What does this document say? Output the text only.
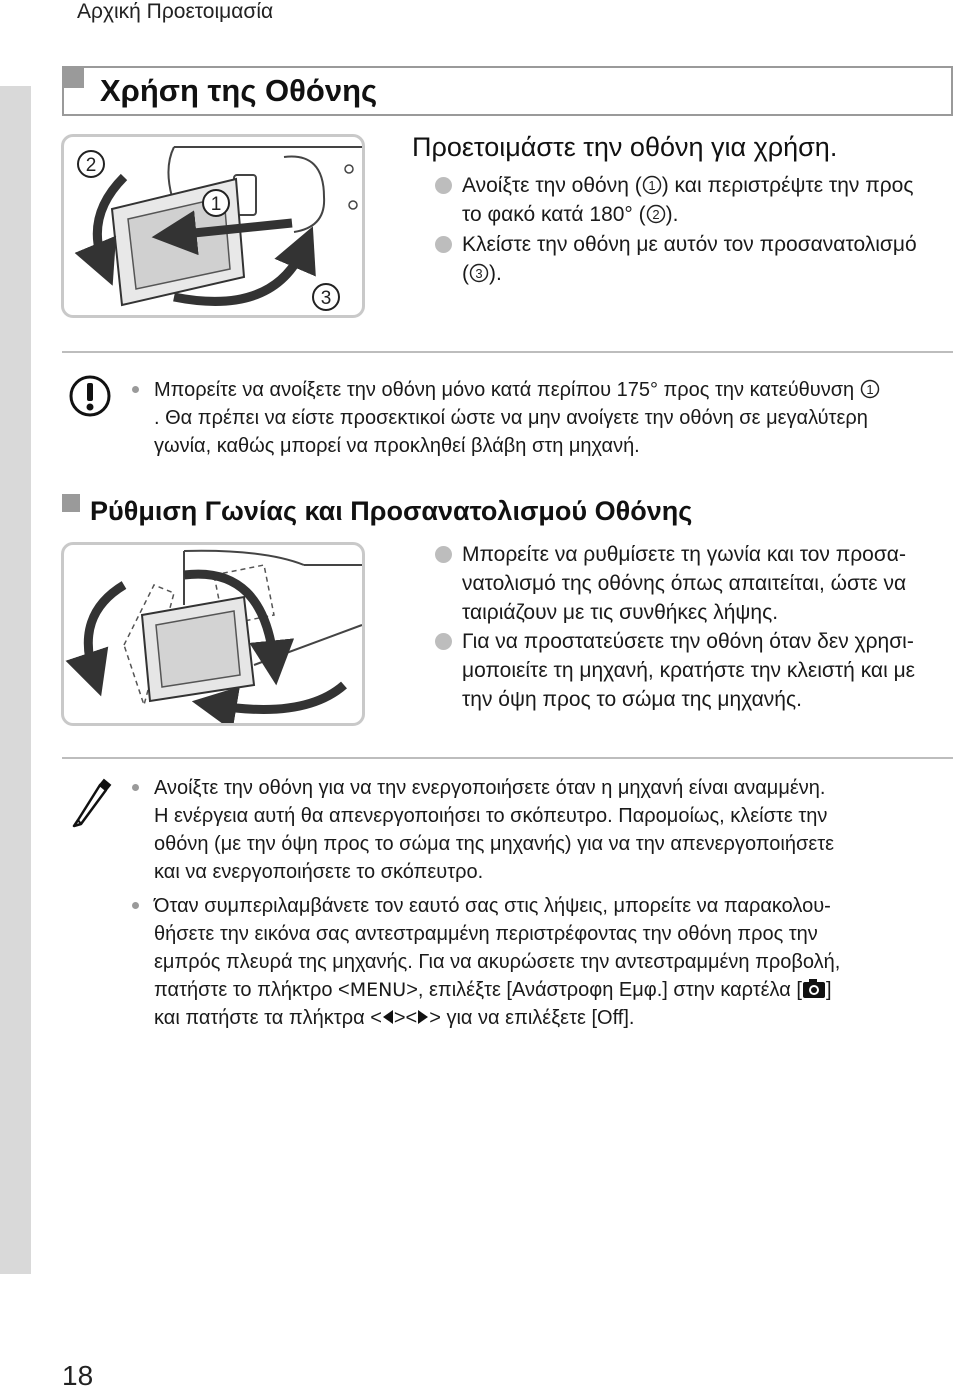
Αρχική Προετοιμασία
Χρήση της Οθόνης
2
1
3
Προετοιμάστε την οθόνη για χρήση.
Ανοίξτε την οθόνη ( 1 ) και περιστρέψτε την προς
το φακό κατά 180° ( 2 ).
Κλείστε την οθόνη με αυτόν τον προσανατολισμό
( 3 ).
Μπορείτε να ανοίξετε την οθόνη μόνο κατά περίπου 175° προς την κατεύθυνση 1
. Θα πρέπει να είστε προσεκτικοί ώστε να μην ανοίγετε την οθόνη σε μεγαλύτερη
γωνία, καθώς μπορεί να προκληθεί βλάβη στη μηχανή.
Ρύθμιση Γωνίας και Προσανατολισμού Οθόνης
Μπορείτε να ρυθμίσετε τη γωνία και τον προσα-
νατολισμό της οθόνης όπως απαιτείται, ώστε να
ταιριάζουν με τις συνθήκες λήψης.
Για να προστατεύσετε την οθόνη όταν δεν χρησι-
μοποιείτε τη μηχανή, κρατήστε την κλειστή και με
την όψη προς το σώμα της μηχανής.
Ανοίξτε την οθόνη για να την ενεργοποιήσετε όταν η μηχανή είναι αναμμένη.
Η ενέργεια αυτή θα απενεργοποιήσει το σκόπευτρο. Παρομοίως, κλείστε την
οθόνη (με την όψη προς το σώμα της μηχανής) για να την απενεργοποιήσετε
και να ενεργοποιήσετε το σκόπευτρο.
Όταν συμπεριλαμβάνετε τον εαυτό σας στις λήψεις, μπορείτε να παρακολου-
θήσετε την εικόνα σας αντεστραμμένη περιστρέφοντας την οθόνη προς την
εμπρός πλευρά της μηχανής. Για να ακυρώσετε την αντεστραμμένη προβολή,
πατήστε το πλήκτρο <MENU>, επιλέξτε [Ανάστροφη Εμφ.] στην καρτέλα [ ]
και πατήστε τα πλήκτρα < >< > για να επιλέξετε [Off].
18
